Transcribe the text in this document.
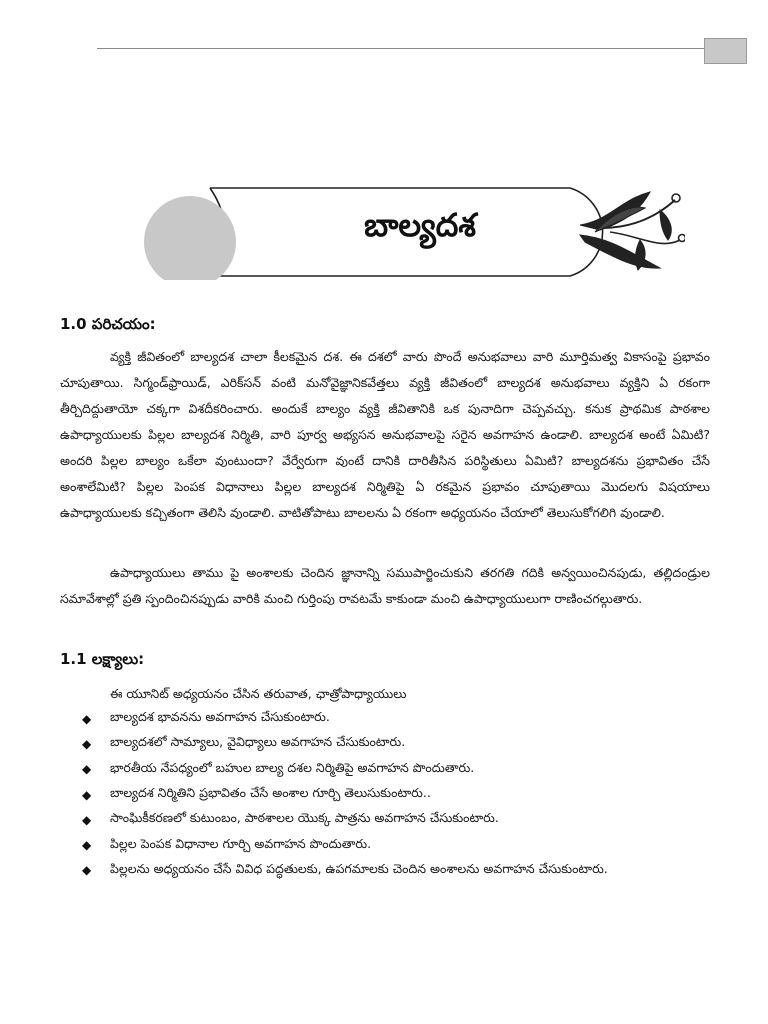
బాల్యదశ
1.0 పరిచయం:

వ్యక్తి జీవితంలో బాల్యదశ చాలా కీలకమైన దశ. ఈ దశలో వారు పొందే అనుభవాలు వారి మూర్తిమత్వ వికాసంపై ప్రభావం చూపుతాయి. సిగ్మండ్‌ఫ్రాయిడ్, ఎరిక్‌సన్ వంటి మనోవైజ్ఞానికవేత్తలు వ్యక్తి జీవితంలో బాల్యదశ అనుభవాలు వ్యక్తిని ఏ రకంగా తీర్చిదిద్దుతాయో చక్కగా విశదీకరించారు. అందుకే బాల్యం వ్యక్తి జీవితానికి ఒక పునాదిగా చెప్పవచ్చు. కనుక ప్రాథమిక పాఠశాల ఉపాధ్యాయులకు పిల్లల బాల్యదశ నిర్మితి, వారి పూర్వ అభ్యసన అనుభవాలపై సరైన అవగాహన ఉండాలి. బాల్యదశ అంటే ఏమిటి? అందరి పిల్లల బాల్యం ఒకేలా వుంటుందా? వేర్వేరుగా వుంటే దానికి దారితీసిన పరిస్థితులు ఏమిటి? బాల్యదశను ప్రభావితం చేసే అంశాలేమిటి? పిల్లల పెంపక విధానాలు పిల్లల బాల్యదశ నిర్మితిపై ఏ రకమైన ప్రభావం చూపుతాయి మొదలగు విషయాలు ఉపాధ్యాయులకు కచ్చితంగా తెలిసి వుండాలి. వాటితోపాటు బాలలను ఏ రకంగా అధ్యయనం చేయాలో తెలుసుకోగలిగి వుండాలి.

ఉపాధ్యాయులు తాము పై అంశాలకు చెందిన జ్ఞానాన్ని సముపార్జించుకుని తరగతి గదికి అన్వయించినపుడు, తల్లిదండ్రుల సమావేశాల్లో ప్రతి స్పందించినప్పుడు వారికి మంచి గుర్తింపు రావటమే కాకుండా మంచి ఉపాధ్యాయులుగా రాణించగల్గుతారు.

1.1 లక్ష్యాలు:
ఈ యూనిట్ అధ్యయనం చేసిన తరువాత, ఛాత్రోపాధ్యాయులు
◆	బాల్యదశ భావనను అవగాహన చేసుకుంటారు.
◆	బాల్యదశలో సామ్యాలు, వైవిధ్యాలు అవగాహన చేసుకుంటారు.
◆	భారతీయ నేపధ్యంలో బహుల బాల్య దశల నిర్మితిపై అవగాహన పొందుతారు.
◆	బాల్యదశ నిర్మితిని ప్రభావితం చేసే అంశాల గూర్చి తెలుసుకుంటారు..
◆	సాంఘికీకరణలో కుటుంబం, పాఠశాలల యొక్క పాత్రను అవగాహన చేసుకుంటారు.
◆	పిల్లల పెంపక విధానాల గూర్చి అవగాహన పొందుతారు.
◆	పిల్లలను అధ్యయనం చేసే వివిధ పద్ధతులకు, ఉపగమాలకు చెందిన అంశాలను అవగాహన చేసుకుంటారు.
